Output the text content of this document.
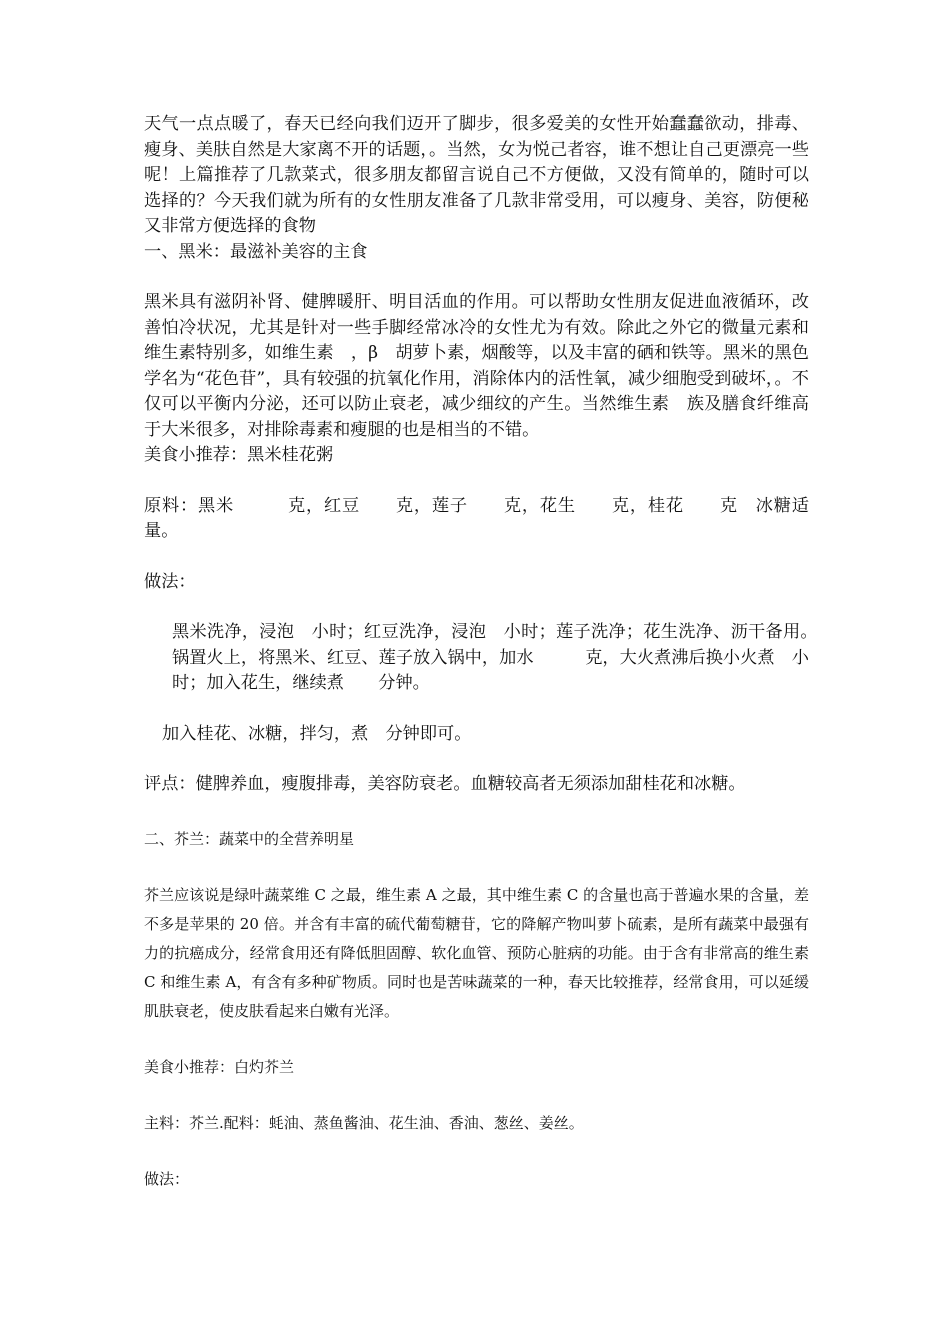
天气一点点暖了，春天已经向我们迈开了脚步，很多爱美的女性开始蠢蠢欲动，排毒、瘦身、美肤自然是大家离不开的话题，。当然，女为悦己者容，谁不想让自己更漂亮一些呢！上篇推荐了几款菜式，很多朋友都留言说自己不方便做，又没有简单的，随时可以选择的？今天我们就为所有的女性朋友准备了几款非常受用，可以瘦身、美容，防便秘又非常方便选择的食物

一、黑米：最滋补美容的主食

黑米具有滋阴补肾、健脾暖肝、明目活血的作用。可以帮助女性朋友促进血液循环，改善怕冷状况，尤其是针对一些手脚经常冰冷的女性尤为有效。除此之外它的微量元素和维生素特别多，如维生素　，β　胡萝卜素，烟酸等，以及丰富的硒和铁等。黑米的黑色学名为“花色苷”，具有较强的抗氧化作用，消除体内的活性氧，减少细胞受到破坏，。不仅可以平衡内分泌，还可以防止衰老，减少细纹的产生。当然维生素　族及膳食纤维高于大米很多，对排除毒素和瘦腿的也是相当的不错。

美食小推荐：黑米桂花粥

原料：黑米　　　克，红豆　　克，莲子　　克，花生　　克，桂花　　克　冰糖适量。

做法：

黑米洗净，浸泡　小时；红豆洗净，浸泡　小时；莲子洗净；花生洗净、沥干备用。　　锅置火上，将黑米、红豆、莲子放入锅中，加水　　　克，大火煮沸后换小火煮　小时；加入花生，继续煮　　分钟。

加入桂花、冰糖，拌匀，煮　分钟即可。

评点：健脾养血，瘦腹排毒，美容防衰老。血糖较高者无须添加甜桂花和冰糖。

二、芥兰：蔬菜中的全营养明星

芥兰应该说是绿叶蔬菜维 C 之最，维生素 A 之最，其中维生素 C 的含量也高于普遍水果的含量，差不多是苹果的 20 倍。并含有丰富的硫代葡萄糖苷，它的降解产物叫萝卜硫素，是所有蔬菜中最强有力的抗癌成分，经常食用还有降低胆固醇、软化血管、预防心脏病的功能。由于含有非常高的维生素 C 和维生素 A，有含有多种矿物质。同时也是苦味蔬菜的一种，春天比较推荐，经常食用，可以延缓肌肤衰老，使皮肤看起来白嫩有光泽。

美食小推荐：白灼芥兰

主料：芥兰.配料：蚝油、蒸鱼酱油、花生油、香油、葱丝、姜丝。

做法：
